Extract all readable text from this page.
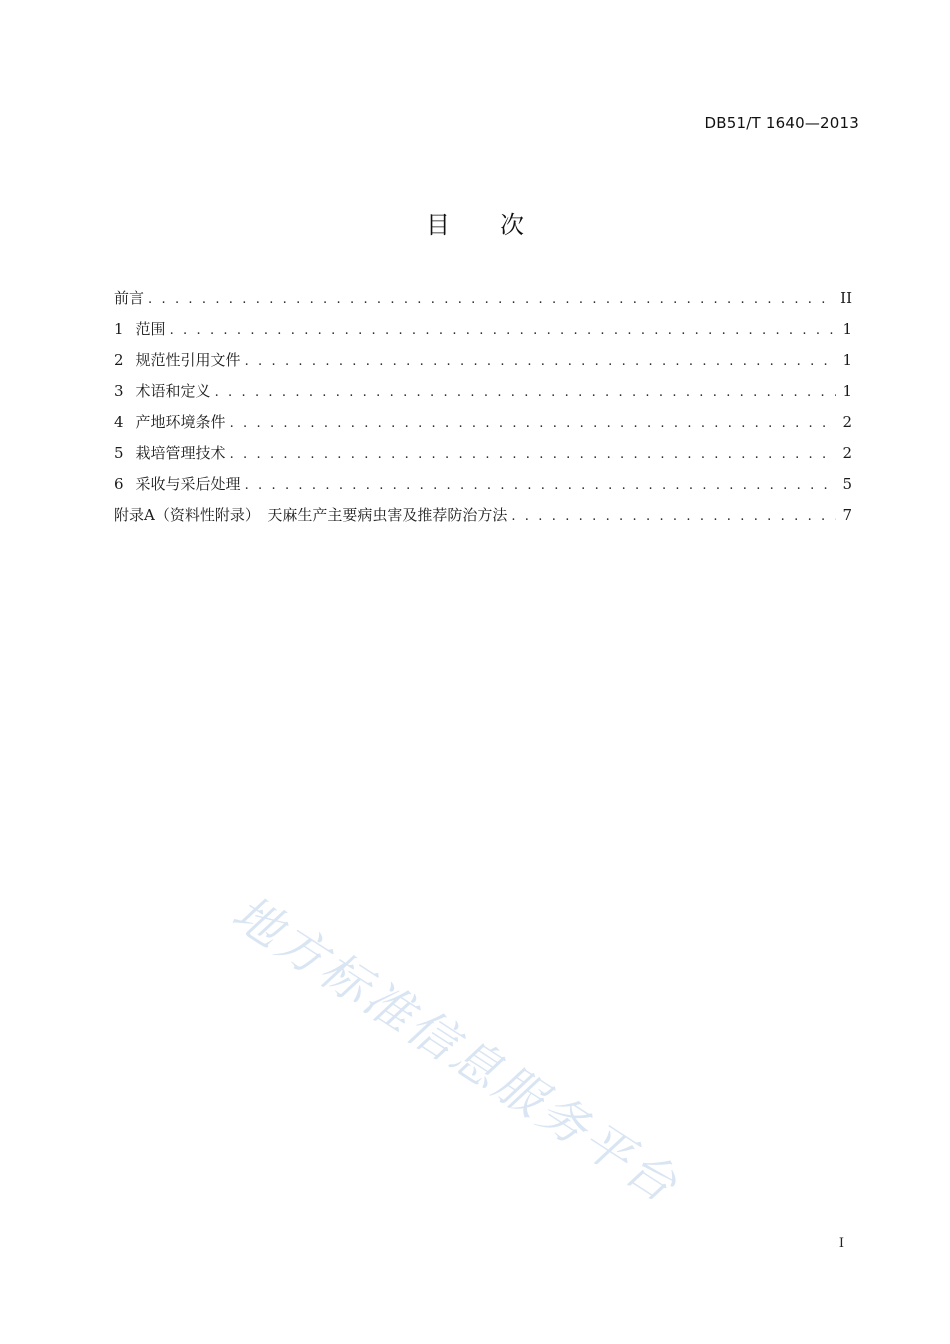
DB51/T 1640—2013
目 次
前言 . . .	II
1 范围 . . .	1
2 规范性引用文件 . . .	1
3 术语和定义 . . .	1
4 产地环境条件 . . .	2
5 栽培管理技术 . . .	2
6 采收与采后处理 . . .	5
附录A（资料性附录）　天麻生产主要病虫害及推荐防治方法 . . .	7
地方标准信息服务平台
I
